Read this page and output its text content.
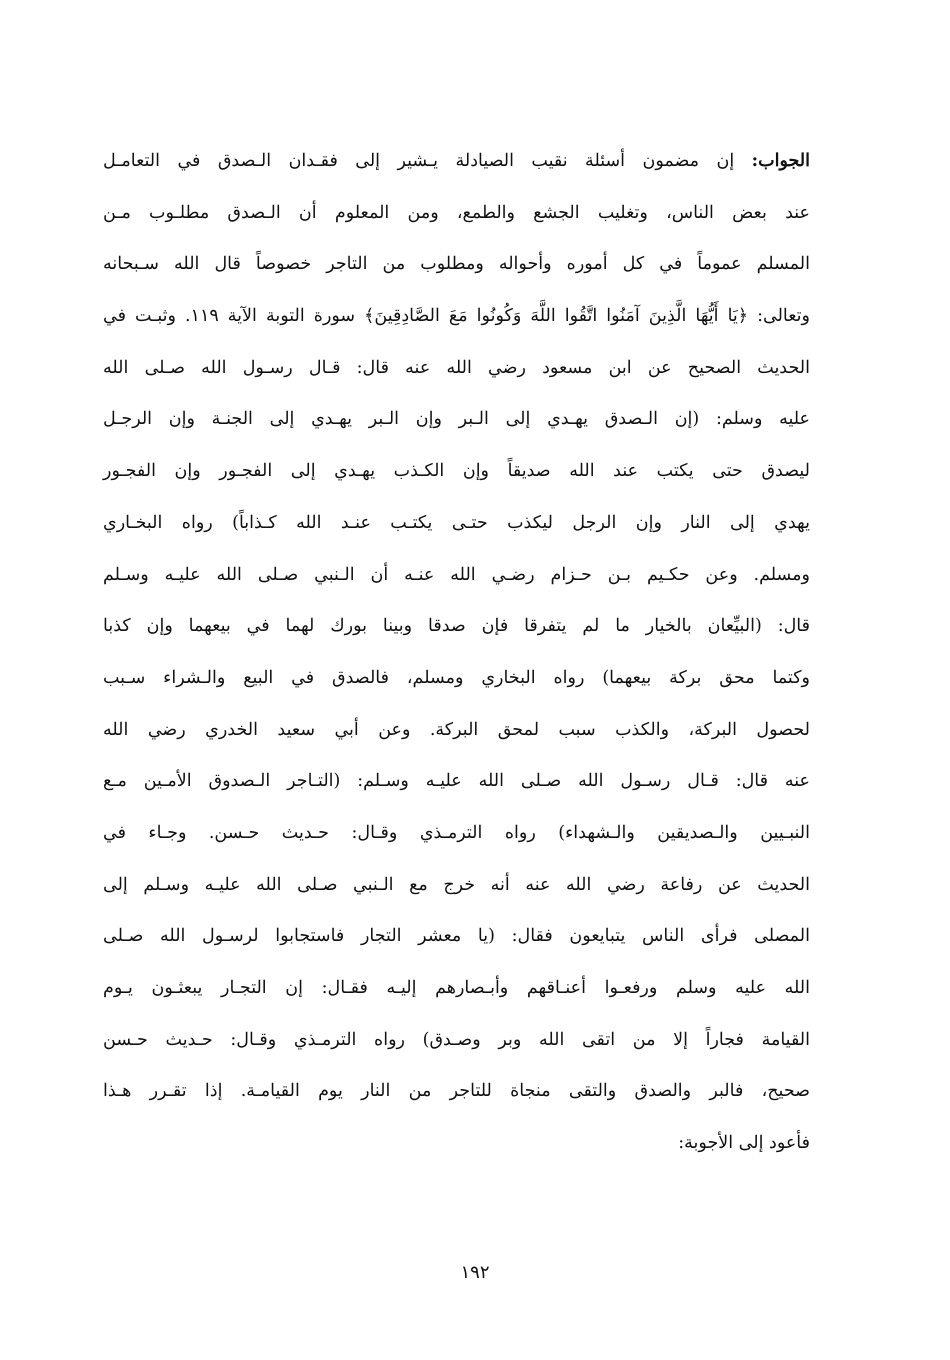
الجواب: إن مضمون أسئلة نقيب الصيادلة يـشير إلى فقـدان الـصدق في التعامـل
عند بعض الناس، وتغليب الجشع والطمع، ومن المعلوم أن الـصدق مطلـوب مـن
المسلم عموماً في كل أموره وأحواله ومطلوب من التاجر خصوصاً قال الله سـبحانه
وتعالى: ﴿يَا أَيُّهَا الَّذِينَ آمَنُوا اتَّقُوا اللَّهَ وَكُونُوا مَعَ الصَّادِقِينَ﴾ سورة التوبة الآية ١١٩. وثبـت في
الحديث الصحيح عن ابن مسعود رضي الله عنه قال: قـال رسـول الله صـلى الله
عليه وسلم: (إن الـصدق يهـدي إلى الـبر وإن الـبر يهـدي إلى الجنـة وإن الرجـل
ليصدق حتى يكتب عند الله صديقاً وإن الكـذب يهـدي إلى الفجـور وإن الفجـور
يهدي إلى النار وإن الرجل ليكذب حتـى يكتـب عنـد الله كـذاباً) رواه البخـاري
ومسلم. وعن حكـيم بـن حـزام رضـي الله عنـه أن الـنبي صـلى الله عليـه وسـلم
قال: (البيِّعان بالخيار ما لم يتفرقا فإن صدقا وبينا بورك لهما في بيعهما وإن كذبا
وكتما محق بركة بيعهما) رواه البخاري ومسلم، فالصدق في البيع والـشراء سـبب
لحصول البركة، والكذب سبب لمحق البركة. وعن أبي سعيد الخدري رضي الله
عنه قال: قـال رسـول الله صـلى الله عليـه وسـلم: (التـاجر الـصدوق الأمـين مـع
النبـيين والـصديقين والـشهداء) رواه الترمـذي وقـال: حـديث حـسن. وجـاء في
الحديث عن رفاعة رضي الله عنه أنه خرج مع الـنبي صـلى الله عليـه وسـلم إلى
المصلى فرأى الناس يتبايعون فقال: (يا معشر التجار فاستجابوا لرسـول الله صـلى
الله عليه وسلم ورفعـوا أعنـاقهم وأبـصارهم إليـه فقـال: إن التجـار يبعثـون يـوم
القيامة فجاراً إلا من اتقى الله وبر وصـدق) رواه الترمـذي وقـال: حـديث حـسن
صحيح، فالبر والصدق والتقى منجاة للتاجر من النار يوم القيامـة. إذا تقـرر هـذا
فأعود إلى الأجوبة:
١٩٢
